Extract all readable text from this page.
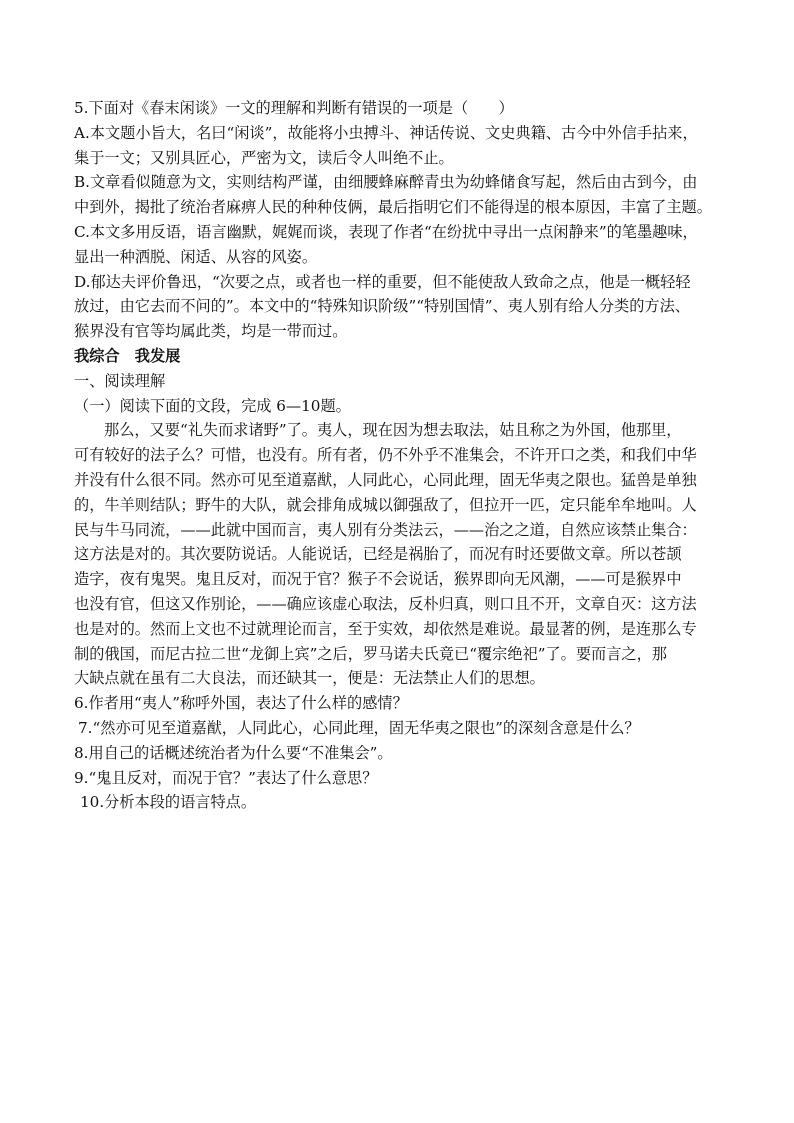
5.下面对《春末闲谈》一文的理解和判断有错误的一项是（　　）

A.本文题小旨大，名曰“闲谈”，故能将小虫搏斗、神话传说、文史典籍、古今中外信手拈来，

集于一文；又别具匠心，严密为文，读后令人叫绝不止。

B.文章看似随意为文，实则结构严谨，由细腰蜂麻醉青虫为幼蜂储食写起，然后由古到今，由

中到外，揭批了统治者麻痹人民的种种伎俩，最后指明它们不能得逞的根本原因，丰富了主题。

C.本文多用反语，语言幽默，娓娓而谈，表现了作者“在纷扰中寻出一点闲静来”的笔墨趣味，

显出一种洒脱、闲适、从容的风姿。

D.郁达夫评价鲁迅，“次要之点，或者也一样的重要，但不能使敌人致命之点，他是一概轻轻

放过，由它去而不问的”。本文中的“特殊知识阶级”“特别国情”、夷人别有给人分类的方法、

猴界没有官等均属此类，均是一带而过。

我综合　我发展

一、阅读理解

（一）阅读下面的文段，完成 6—10题。

那么，又要“礼失而求诸野”了。夷人，现在因为想去取法，姑且称之为外国，他那里，

可有较好的法子么？可惜，也没有。所有者，仍不外乎不准集会，不许开口之类，和我们中华

并没有什么很不同。然亦可见至道嘉猷，人同此心，心同此理，固无华夷之限也。猛兽是单独

的，牛羊则结队；野牛的大队，就会排角成城以御强敌了，但拉开一匹，定只能牟牟地叫。人

民与牛马同流，——此就中国而言，夷人别有分类法云，——治之之道，自然应该禁止集合：

这方法是对的。其次要防说话。人能说话，已经是祸胎了，而况有时还要做文章。所以苍颉

造字，夜有鬼哭。鬼且反对，而况于官？猴子不会说话，猴界即向无风潮，——可是猴界中

也没有官，但这又作别论，——确应该虚心取法，反朴归真，则口且不开，文章自灭：这方法

也是对的。然而上文也不过就理论而言，至于实效，却依然是难说。最显著的例，是连那么专

制的俄国，而尼古拉二世“龙御上宾”之后，罗马诺夫氏竟已“覆宗绝祀”了。要而言之，那

大缺点就在虽有二大良法，而还缺其一，便是：无法禁止人们的思想。

6.作者用“夷人”称呼外国，表达了什么样的感情？

7.“然亦可见至道嘉猷，人同此心，心同此理，固无华夷之限也”的深刻含意是什么？

8.用自己的话概述统治者为什么要“不准集会”。

9.“鬼且反对，而况于官？”表达了什么意思？

10.分析本段的语言特点。
